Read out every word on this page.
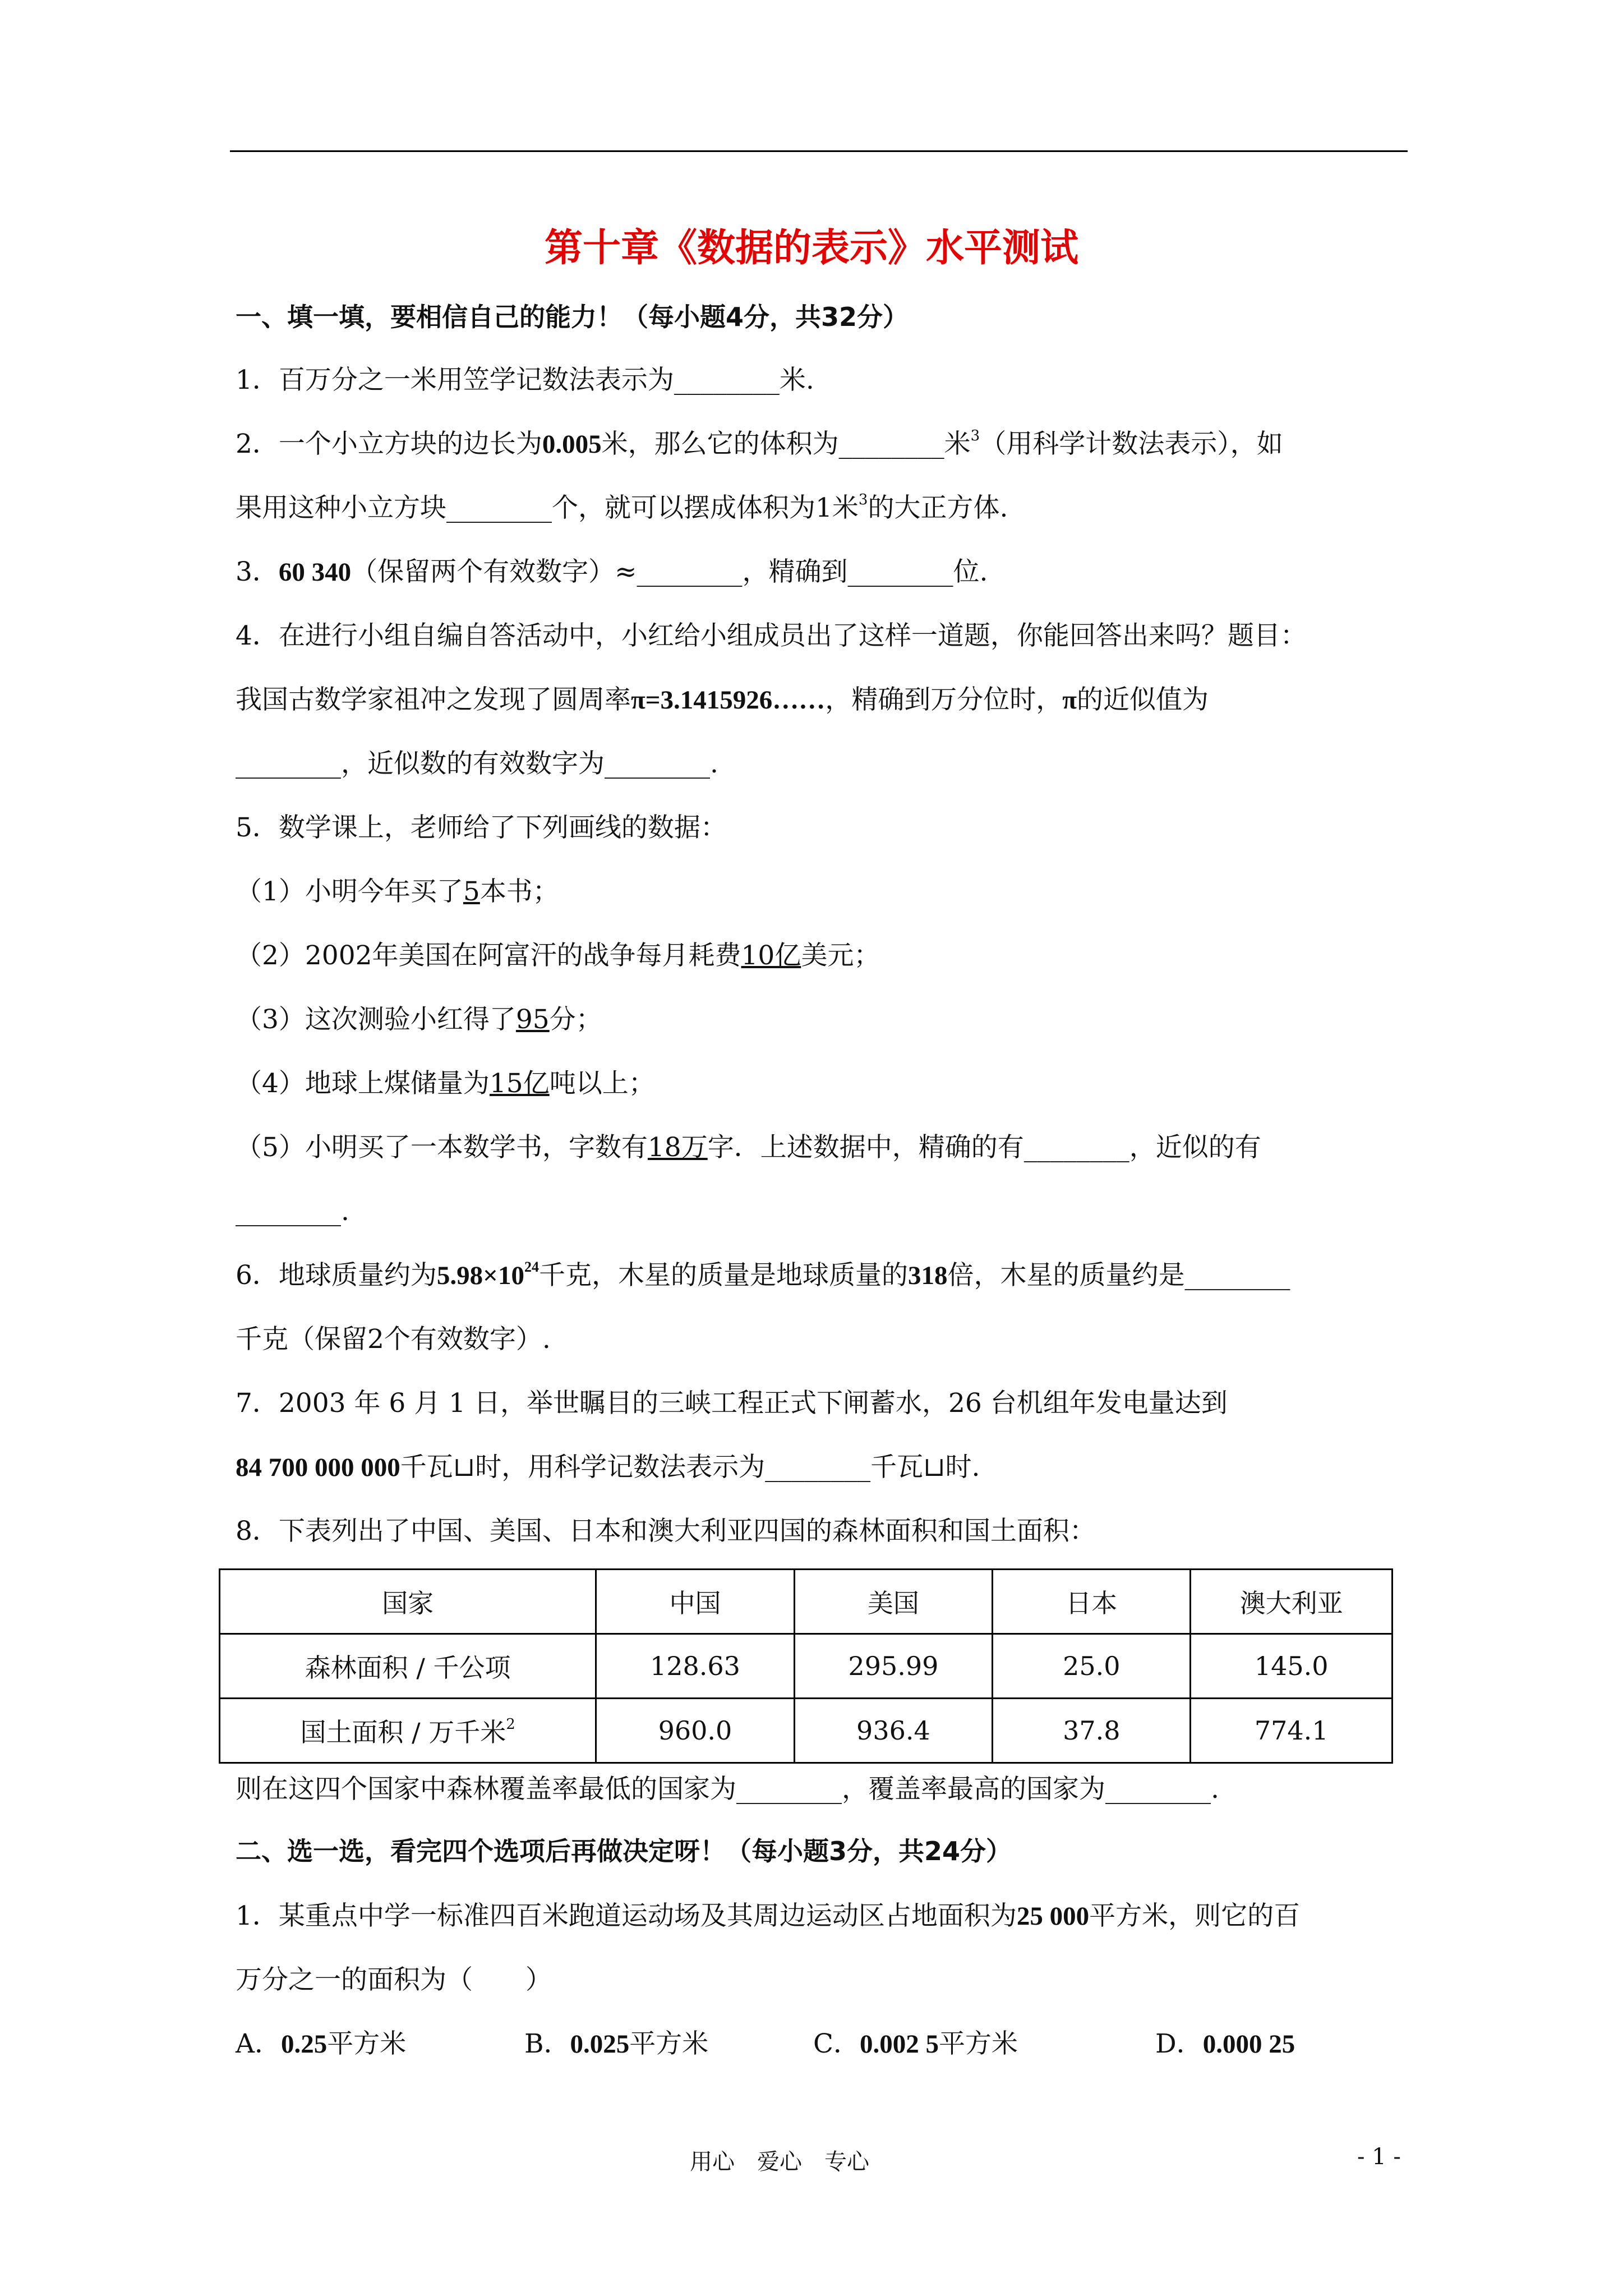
第十章《数据的表示》水平测试
一、填一填，要相信自己的能力！（每小题4分，共32分）
1．百万分之一米用笠学记数法表示为________米.
2．一个小立方块的边长为0.005米，那么它的体积为________米$^3$（用科学计数法表示），如
果用这种小立方块________个，就可以摆成体积为1米$^3$的大正方体.
3．60 340（保留两个有效数字）≈________，精确到________位.
4．在进行小组自编自答活动中，小红给小组成员出了这样一道题，你能回答出来吗？题目：
我国古数学家祖冲之发现了圆周率π=3.1415926……，精确到万分位时，π的近似值为
________，近似数的有效数字为________.
5．数学课上，老师给了下列画线的数据：
（1）小明今年买了5本书；
（2）2002年美国在阿富汗的战争每月耗费10亿美元；
（3）这次测验小红得了95分；
（4）地球上煤储量为15亿吨以上；
（5）小明买了一本数学书，字数有18万字．上述数据中，精确的有________，近似的有
________.
6．地球质量约为$5.98\times 10^{24}$千克，木星的质量是地球质量的318倍，木星的质量约是________
千克（保留2个有效数字）.
7．2003 年 6 月 1 日，举世瞩目的三峡工程正式下闸蓄水，26 台机组年发电量达到
84 700 000 000千瓦⊔时，用科学记数法表示为________千瓦⊔时.
8．下表列出了中国、美国、日本和澳大利亚四国的森林面积和国土面积：
国家	中国	美国	日本	澳大利亚
森林面积 / 千公项	128.63	295.99	25.0	145.0
国土面积 / 万千米$^2$	960.0	936.4	37.8	774.1
则在这四个国家中森林覆盖率最低的国家为________，覆盖率最高的国家为________.
二、选一选，看完四个选项后再做决定呀！（每小题3分，共24分）
1．某重点中学一标准四百米跑道运动场及其周边运动区占地面积为25 000平方米，则它的百
万分之一的面积为（　　）
A．0.25平方米	B．0.025平方米	C．0.002 5平方米	D．0.000 25
用心　爱心　专心	- 1 -
